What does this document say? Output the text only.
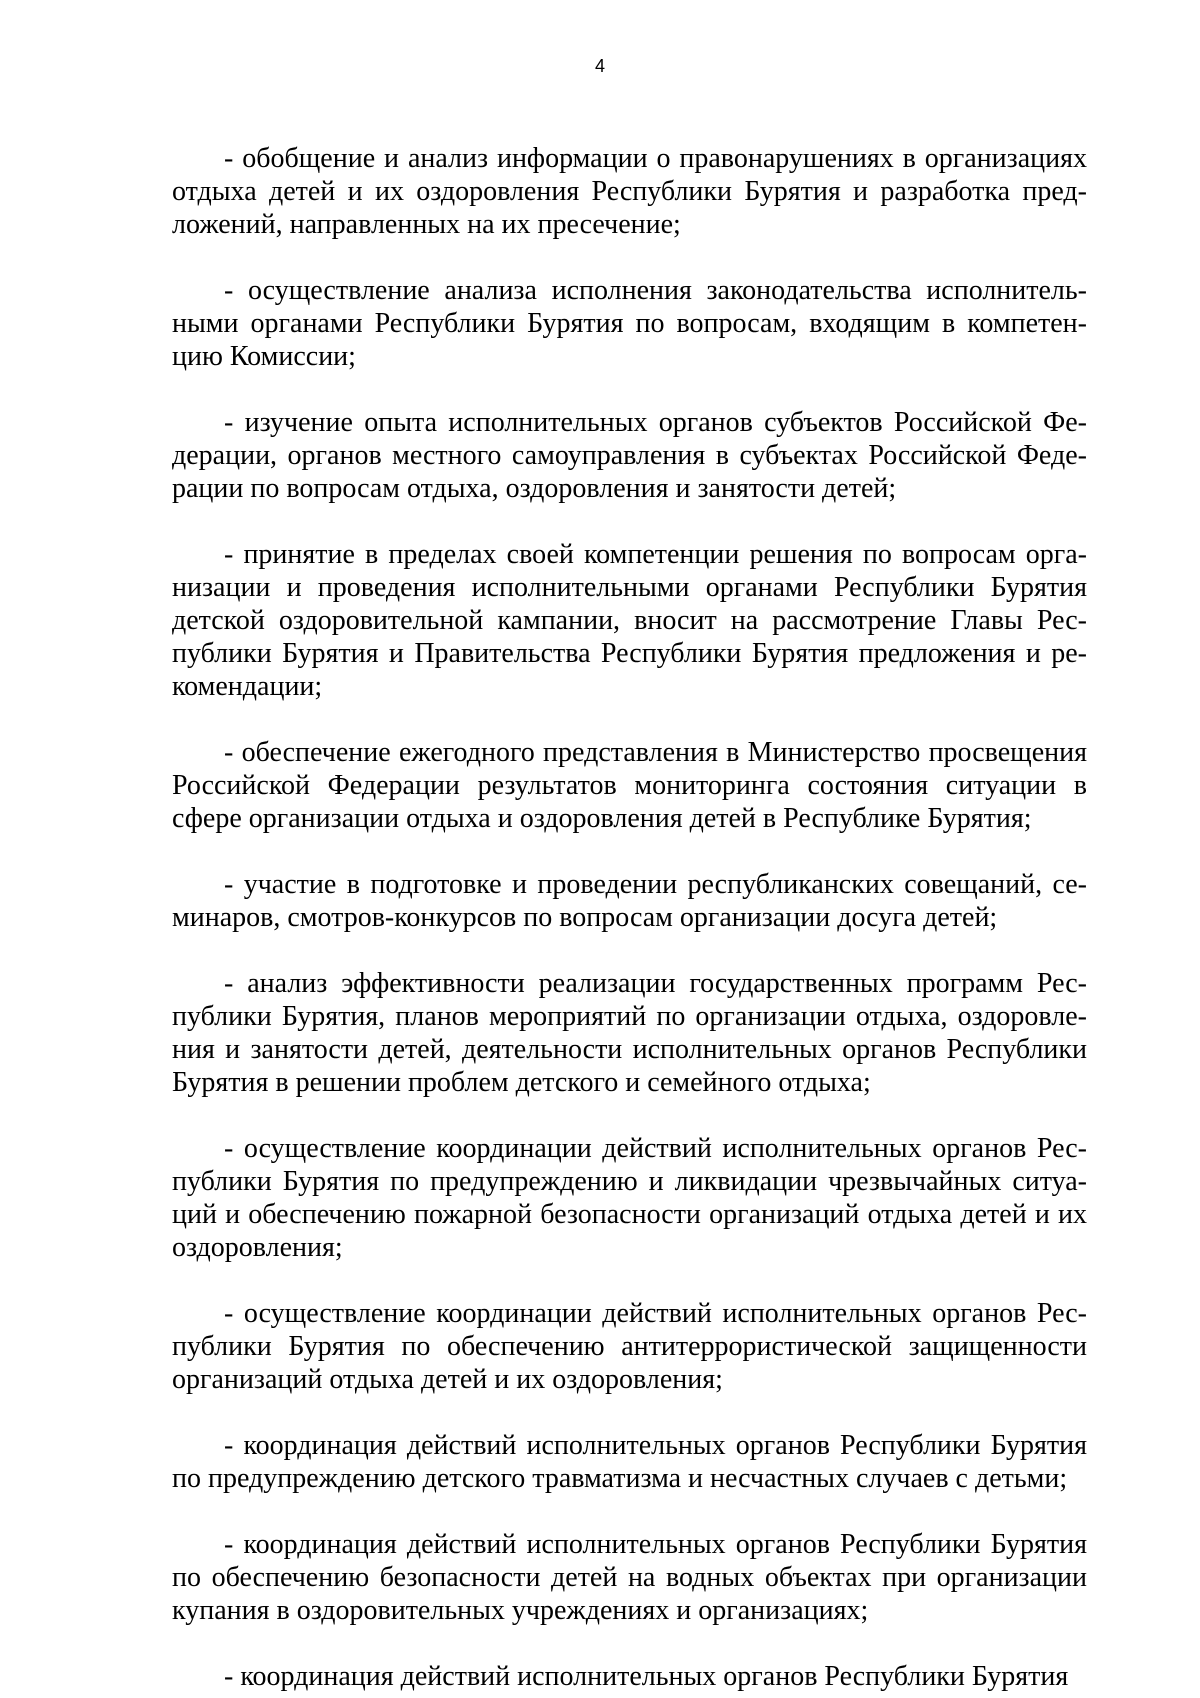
4

- обобщение и анализ информации о правонарушениях в организациях отдыха детей и их оздоровления Республики Бурятия и разработка предложений, направленных на их пресечение;

- осуществление анализа исполнения законодательства исполнительными органами Республики Бурятия по вопросам, входящим в компетенцию Комиссии;

- изучение опыта исполнительных органов субъектов Российской Федерации, органов местного самоуправления в субъектах Российской Федерации по вопросам отдыха, оздоровления и занятости детей;

- принятие в пределах своей компетенции решения по вопросам организации и проведения исполнительными органами Республики Бурятия детской оздоровительной кампании, вносит на рассмотрение Главы Республики Бурятия и Правительства Республики Бурятия предложения и рекомендации;

- обеспечение ежегодного представления в Министерство просвещения Российской Федерации результатов мониторинга состояния ситуации в сфере организации отдыха и оздоровления детей в Республике Бурятия;

- участие в подготовке и проведении республиканских совещаний, семинаров, смотров-конкурсов по вопросам организации досуга детей;

- анализ эффективности реализации государственных программ Республики Бурятия, планов мероприятий по организации отдыха, оздоровления и занятости детей, деятельности исполнительных органов Республики Бурятия в решении проблем детского и семейного отдыха;

- осуществление координации действий исполнительных органов Республики Бурятия по предупреждению и ликвидации чрезвычайных ситуаций и обеспечению пожарной безопасности организаций отдыха детей и их оздоровления;

- осуществление координации действий исполнительных органов Республики Бурятия по обеспечению антитеррористической защищенности организаций отдыха детей и их оздоровления;

- координация действий исполнительных органов Республики Бурятия по предупреждению детского травматизма и несчастных случаев с детьми;

- координация действий исполнительных органов Республики Бурятия по обеспечению безопасности детей на водных объектах при организации купания в оздоровительных учреждениях и организациях;

- координация действий исполнительных органов Республики Бурятия
